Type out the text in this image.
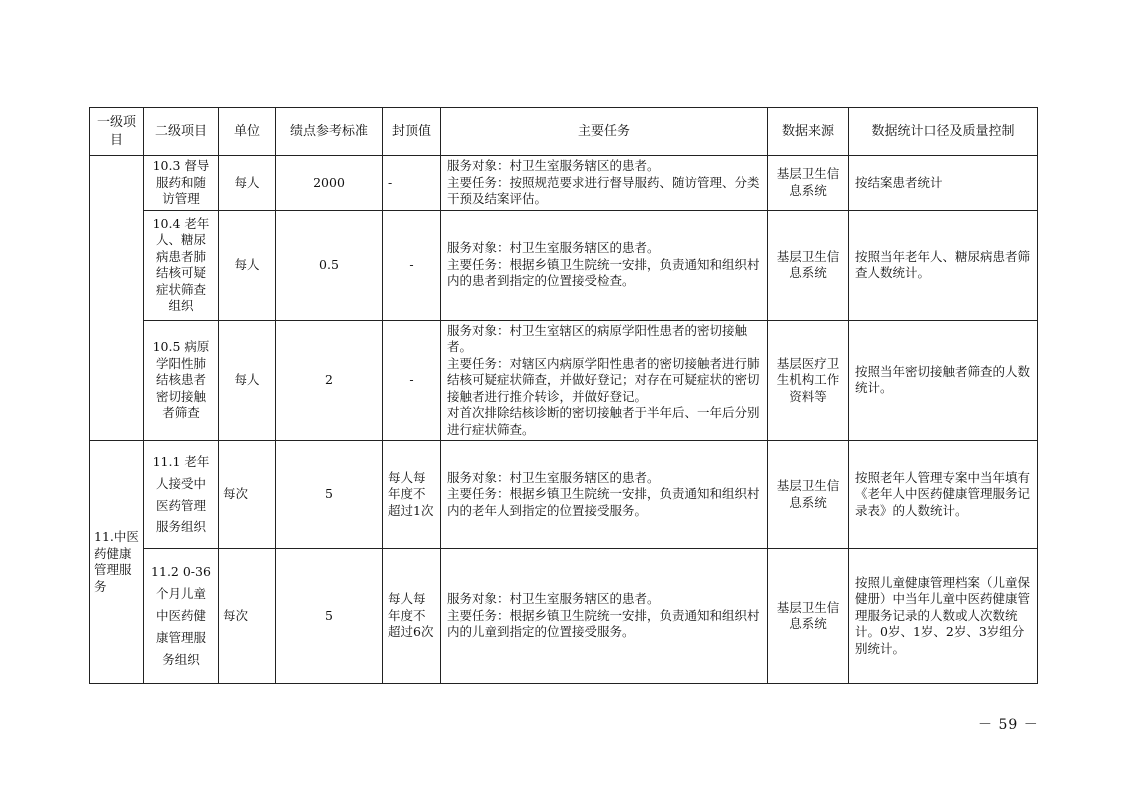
一级项目	二级项目	单位	绩点参考标准	封顶值	主要任务	数据来源	数据统计口径及质量控制
	10.3 督导服药和随访管理	每人	2000	-	服务对象：村卫生室服务辖区的患者。
主要任务：按照规范要求进行督导服药、随访管理、分类干预及结案评估。	基层卫生信息系统	按结案患者统计
	10.4 老年人、糖尿病患者肺结核可疑症状筛查组织	每人	0.5	-	服务对象：村卫生室服务辖区的患者。
主要任务：根据乡镇卫生院统一安排，负责通知和组织村内的患者到指定的位置接受检查。	基层卫生信息系统	按照当年老年人、糖尿病患者筛查人数统计。
	10.5 病原学阳性肺结核患者密切接触者筛查	每人	2	-	服务对象：村卫生室辖区的病原学阳性患者的密切接触者。
主要任务：对辖区内病原学阳性患者的密切接触者进行肺结核可疑症状筛查，并做好登记；对存在可疑症状的密切接触者进行推介转诊，并做好登记。
对首次排除结核诊断的密切接触者于半年后、一年后分别进行症状筛查。	基层医疗卫生机构工作资料等	按照当年密切接触者筛查的人数统计。
11.中医药健康管理服务	11.1 老年人接受中医药管理服务组织	每次	5	每人每年度不超过1次	服务对象：村卫生室服务辖区的患者。
主要任务：根据乡镇卫生院统一安排，负责通知和组织村内的老年人到指定的位置接受服务。	基层卫生信息系统	按照老年人管理专案中当年填有《老年人中医药健康管理服务记录表》的人数统计。
	11.2 0-36个月儿童中医药健康管理服务组织	每次	5	每人每年度不超过6次	服务对象：村卫生室服务辖区的患者。
主要任务：根据乡镇卫生院统一安排，负责通知和组织村内的儿童到指定的位置接受服务。	基层卫生信息系统	按照儿童健康管理档案（儿童保健册）中当年儿童中医药健康管理服务记录的人数或人次数统计。0岁、1岁、2岁、3岁组分别统计。
－ 59 －
